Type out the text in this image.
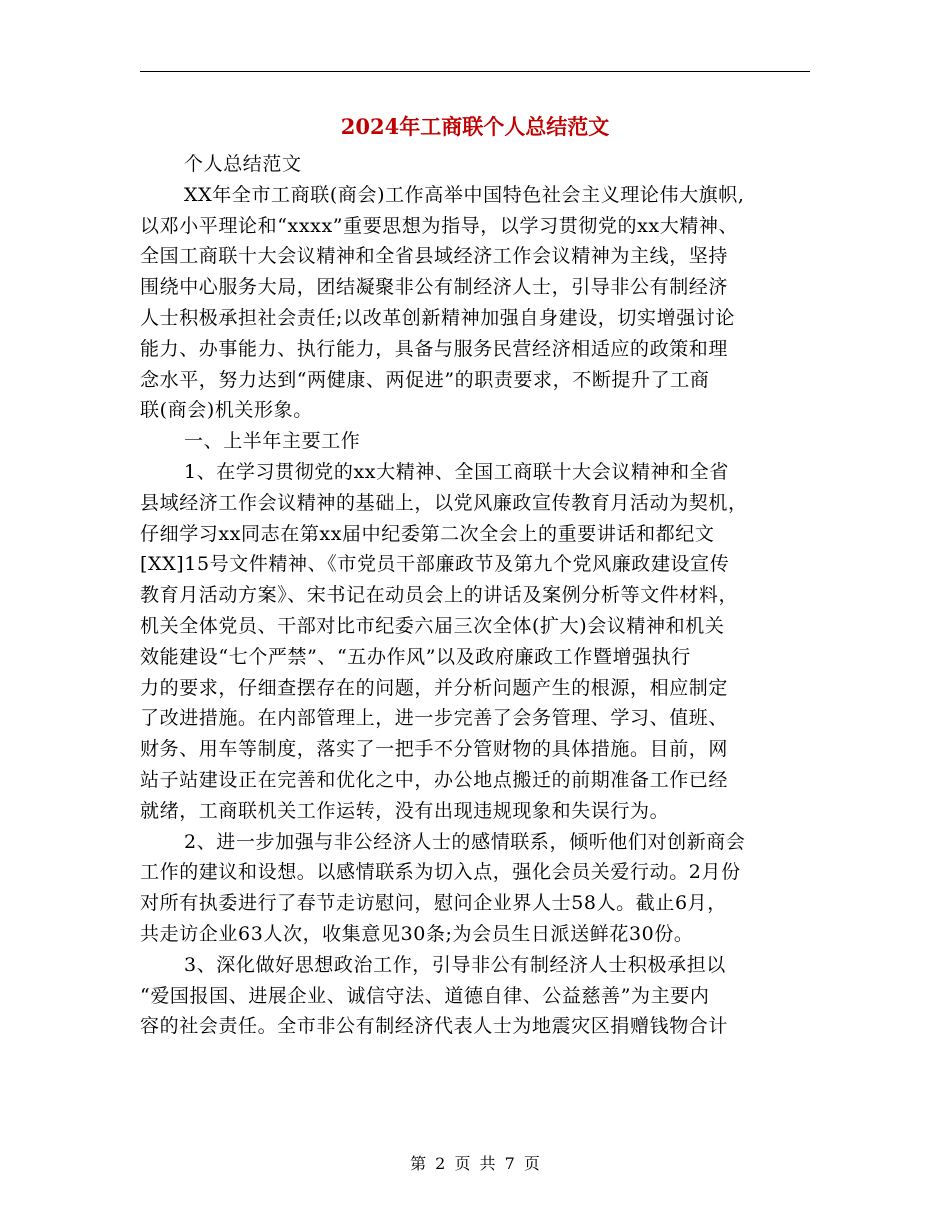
2024年工商联个人总结范文
个人总结范文
XX年全市工商联(商会)工作高举中国特色社会主义理论伟大旗帜,
以邓小平理论和“xxxx”重要思想为指导，以学习贯彻党的xx大精神、
全国工商联十大会议精神和全省县域经济工作会议精神为主线，坚持
围绕中心服务大局，团结凝聚非公有制经济人士，引导非公有制经济
人士积极承担社会责任;以改革创新精神加强自身建设，切实增强讨论
能力、办事能力、执行能力，具备与服务民营经济相适应的政策和理
念水平，努力达到“两健康、两促进”的职责要求，不断提升了工商
联(商会)机关形象。
一、上半年主要工作
1、在学习贯彻党的xx大精神、全国工商联十大会议精神和全省
县域经济工作会议精神的基础上，以党风廉政宣传教育月活动为契机，
仔细学习xx同志在第xx届中纪委第二次全会上的重要讲话和都纪文
[XX]15号文件精神、《市党员干部廉政节及第九个党风廉政建设宣传
教育月活动方案》、宋书记在动员会上的讲话及案例分析等文件材料，
机关全体党员、干部对比市纪委六届三次全体(扩大)会议精神和机关
效能建设“七个严禁”、“五办作风”以及政府廉政工作暨增强执行
力的要求，仔细查摆存在的问题，并分析问题产生的根源，相应制定
了改进措施。在内部管理上，进一步完善了会务管理、学习、值班、
财务、用车等制度，落实了一把手不分管财物的具体措施。目前，网
站子站建设正在完善和优化之中，办公地点搬迁的前期准备工作已经
就绪，工商联机关工作运转，没有出现违规现象和失误行为。
2、进一步加强与非公经济人士的感情联系，倾听他们对创新商会
工作的建议和设想。以感情联系为切入点，强化会员关爱行动。2月份
对所有执委进行了春节走访慰问，慰问企业界人士58人。截止6月，
共走访企业63人次，收集意见30条;为会员生日派送鲜花30份。
3、深化做好思想政治工作，引导非公有制经济人士积极承担以
“爱国报国、进展企业、诚信守法、道德自律、公益慈善”为主要内
容的社会责任。全市非公有制经济代表人士为地震灾区捐赠钱物合计
第 2 页 共 7 页
